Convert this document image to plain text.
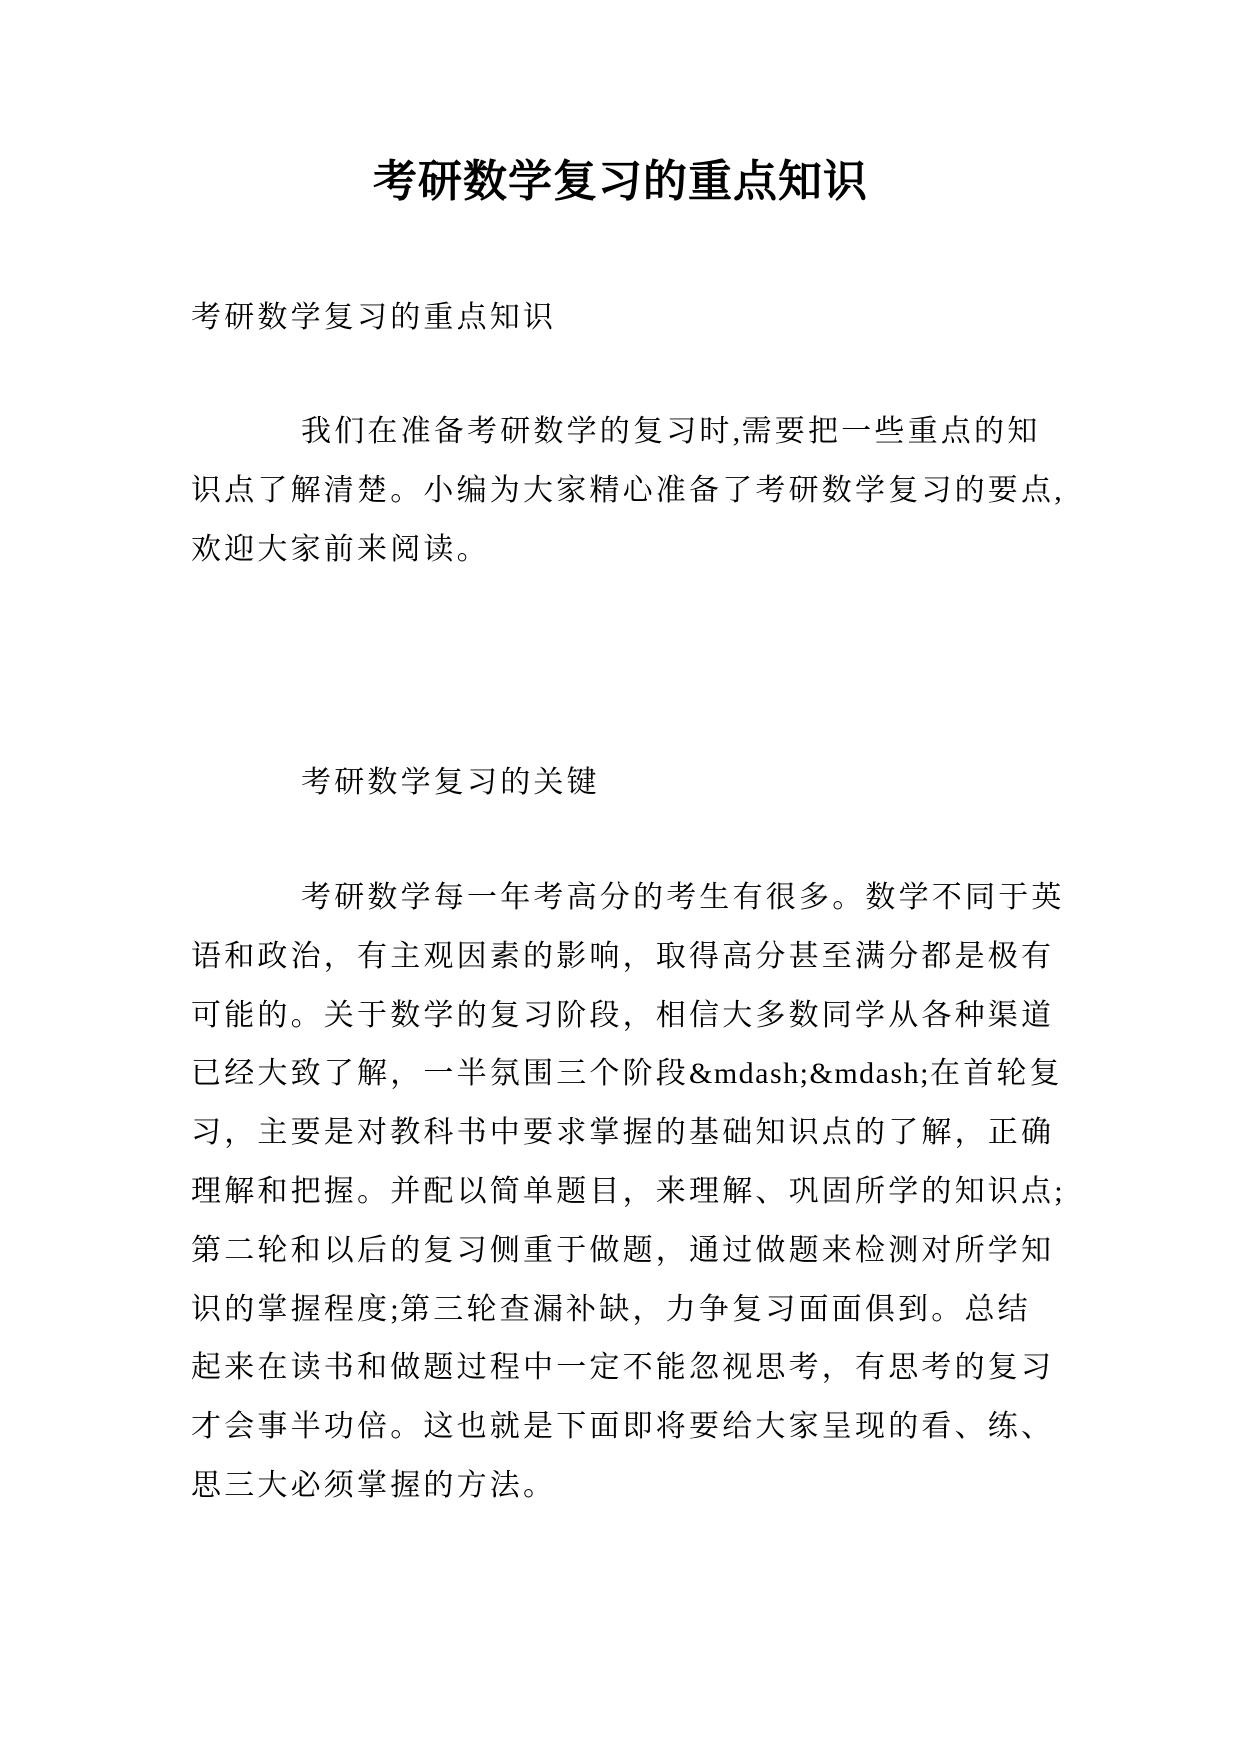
考研数学复习的重点知识
考研数学复习的重点知识
我们在准备考研数学的复习时,需要把一些重点的知
识点了解清楚。小编为大家精心准备了考研数学复习的要点,
欢迎大家前来阅读。
考研数学复习的关键
考研数学每一年考高分的考生有很多。数学不同于英
语和政治，有主观因素的影响，取得高分甚至满分都是极有
可能的。关于数学的复习阶段，相信大多数同学从各种渠道
已经大致了解，一半氛围三个阶段&mdash;&mdash;在首轮复
习，主要是对教科书中要求掌握的基础知识点的了解，正确
理解和把握。并配以简单题目，来理解、巩固所学的知识点;
第二轮和以后的复习侧重于做题，通过做题来检测对所学知
识的掌握程度;第三轮查漏补缺，力争复习面面俱到。总结
起来在读书和做题过程中一定不能忽视思考，有思考的复习
才会事半功倍。这也就是下面即将要给大家呈现的看、练、
思三大必须掌握的方法。
